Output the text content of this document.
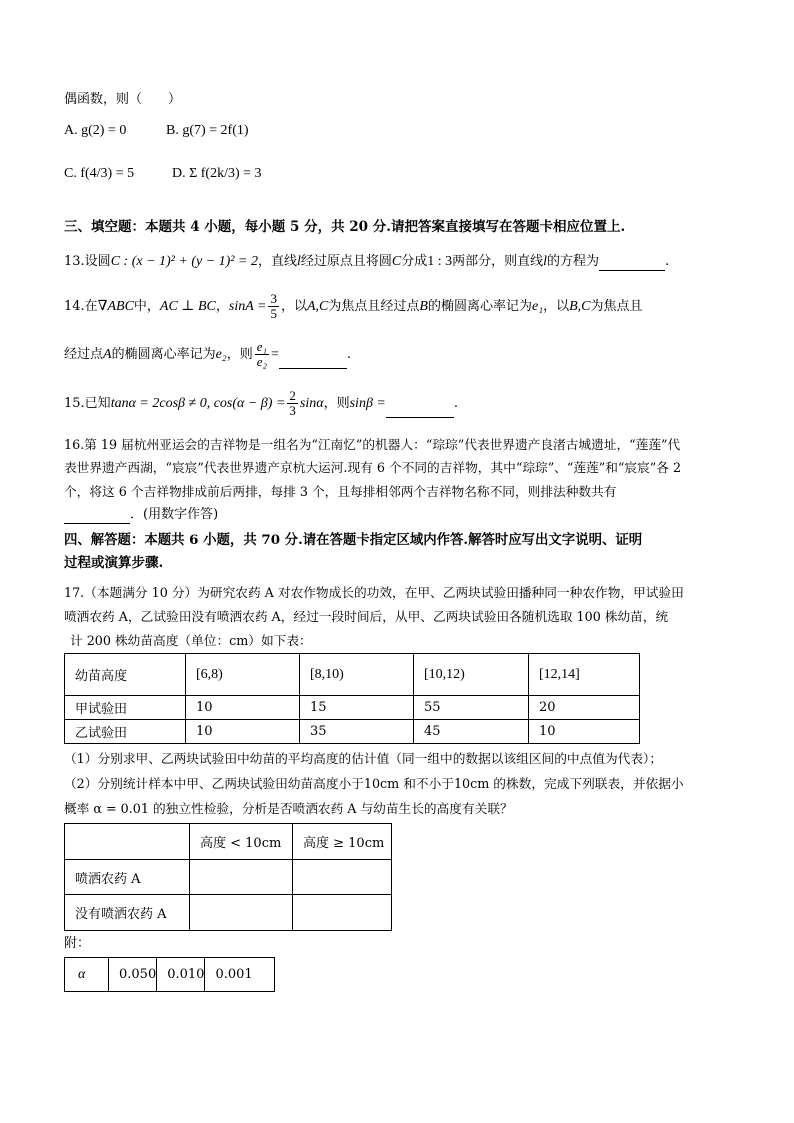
偶函数，则（　　）
A. g(2) = 0	B. g(7) = 2f(1)
C. f(4/3) = 5	D. Σ f(2k/3) = 3
三、填空题：本题共 4 小题，每小题 5 分，共 20 分.请把答案直接填写在答题卡相应位置上.
13.设圆C : (x − 1)² + (y − 1)² = 2，直线l经过原点且将圆C分成1 : 3两部分，则直线l的方程为	.
14.在∇ABC中，AC ⊥ BC，$\sin A = \frac{3}{5}$ ，以A,C为焦点且经过点B的椭圆离心率记为e₁，以B,C为焦点且
经过点A的椭圆离心率记为e₂，则 $\frac{\text{e₁}}{\text{e₂}}$ =	.
15.已知tanα = 2cosβ ≠ 0, $\cos(\alpha - \beta) = \frac{2}{3}$ sinα，则sinβ =	.
16.第 19 届杭州亚运会的吉祥物是一组名为“江南忆”的机器人：“琮琮”代表世界遗产良渚古城遗址，“莲莲”代
表世界遗产西湖，“宸宸”代表世界遗产京杭大运河.现有 6 个不同的吉祥物，其中“琮琮”、“莲莲”和“宸宸”各 2
个，将这 6 个吉祥物排成前后两排，每排 3 个，且每排相邻两个吉祥物名称不同，则排法种数共有
．(用数字作答)
四、解答题：本题共 6 小题，共 70 分.请在答题卡指定区域内作答.解答时应写出文字说明、证明
过程或演算步骤.
17.（本题满分 10 分）为研究农药 A 对农作物成长的功效，在甲、乙两块试验田播种同一种农作物，甲试验田
喷洒农药 A，乙试验田没有喷洒农药 A，经过一段时间后，从甲、乙两块试验田各随机选取 100 株幼苗，统
计 200 株幼苗高度（单位：cm）如下表：
幼苗高度	[6,8)	[8,10)	[10,12)	[12,14]
甲试验田	10	15	55	20
乙试验田	10	35	45	10
（1）分别求甲、乙两块试验田中幼苗的平均高度的估计值（同一组中的数据以该组区间的中点值为代表）；
（2）分别统计样本中甲、乙两块试验田幼苗高度小于10cm 和不小于10cm 的株数，完成下列联表，并依据小
概率 α = 0.01 的独立性检验，分析是否喷洒农药 A 与幼苗生长的高度有关联？
	高度 < 10cm	高度 ≥ 10cm
喷洒农药 A		
没有喷洒农药 A		
附：
α	0.050	0.010	0.001
